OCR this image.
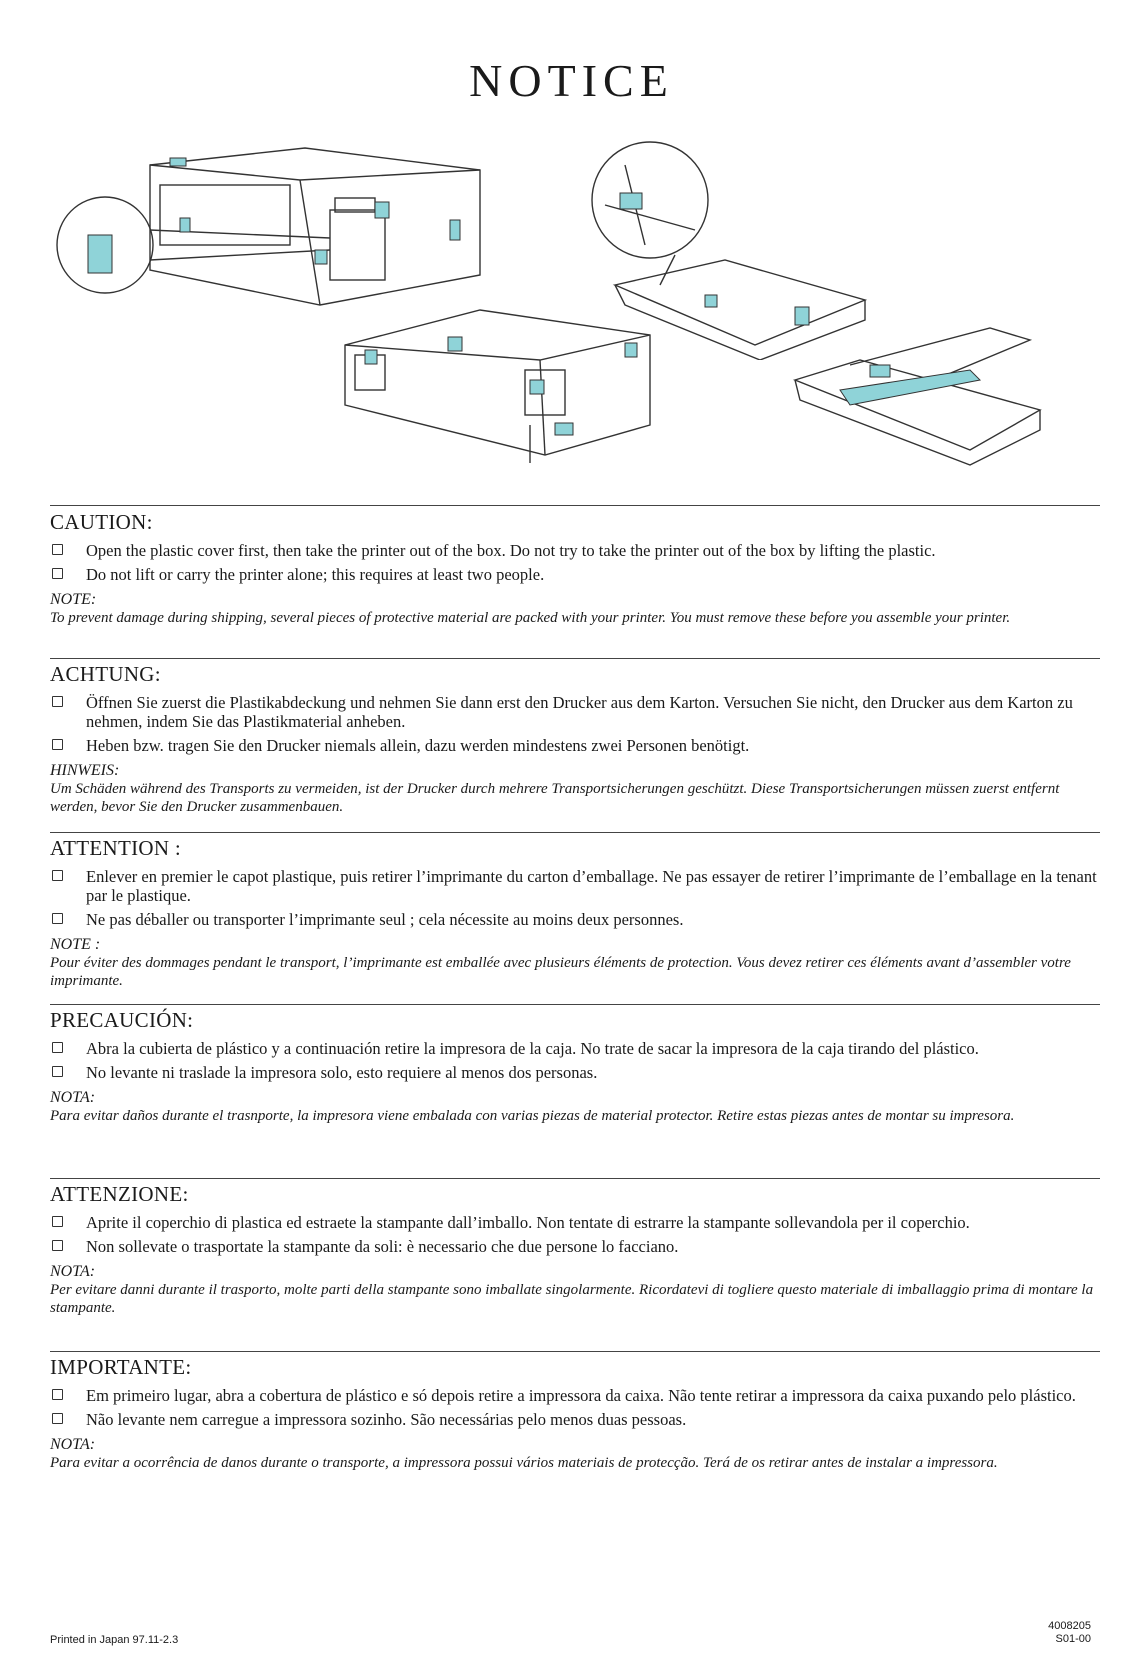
NOTICE
CAUTION:
Open the plastic cover first, then take the printer out of the box. Do not try to take the printer out of the box by lifting the plastic.
Do not lift or carry the printer alone; this requires at least two people.
NOTE:
To prevent damage during shipping, several pieces of protective material are packed with your printer. You must remove these before you assemble your printer.
ACHTUNG:
Öffnen Sie zuerst die Plastikabdeckung und nehmen Sie dann erst den Drucker aus dem Karton. Versuchen Sie nicht, den Drucker aus dem Karton zu nehmen, indem Sie das Plastikmaterial anheben.
Heben bzw. tragen Sie den Drucker niemals allein, dazu werden mindestens zwei Personen benötigt.
HINWEIS:
Um Schäden während des Transports zu vermeiden, ist der Drucker durch mehrere Transportsicherungen geschützt. Diese Transportsicherungen müssen zuerst entfernt werden, bevor Sie den Drucker zusammenbauen.
ATTENTION :
Enlever en premier le capot plastique, puis retirer l’imprimante du carton d’emballage. Ne pas essayer de retirer l’imprimante de l’emballage en la tenant par le plastique.
Ne pas déballer ou transporter l’imprimante seul ; cela nécessite au moins deux personnes.
NOTE :
Pour éviter des dommages pendant le transport, l’imprimante est emballée avec plusieurs éléments de protection. Vous devez retirer ces éléments avant d’assembler votre imprimante.
PRECAUCIÓN:
Abra la cubierta de plástico y a continuación retire la impresora de la caja. No trate de sacar la impresora de la caja tirando del plástico.
No levante ni traslade la impresora solo, esto requiere al menos dos personas.
NOTA:
Para evitar daños durante el trasnporte, la impresora viene embalada con varias piezas de material protector. Retire estas piezas antes de montar su impresora.
ATTENZIONE:
Aprite il coperchio di plastica ed estraete la stampante dall’imballo. Non tentate di estrarre la stampante sollevandola per il coperchio.
Non sollevate o trasportate la stampante da soli: è necessario che due persone lo facciano.
NOTA:
Per evitare danni durante il trasporto, molte parti della stampante sono imballate singolarmente. Ricordatevi di togliere questo materiale di imballaggio prima di montare la stampante.
IMPORTANTE:
Em primeiro lugar, abra a cobertura de plástico e só depois retire a impressora da caixa. Não tente retirar a impressora da caixa puxando pelo plástico.
Não levante nem carregue a impressora sozinho. São necessárias pelo menos duas pessoas.
NOTA:
Para evitar a ocorrência de danos durante o transporte, a impressora possui vários materiais de protecção. Terá de os retirar antes de instalar a impressora.
Printed in Japan 97.11-2.3
4008205
S01-00
